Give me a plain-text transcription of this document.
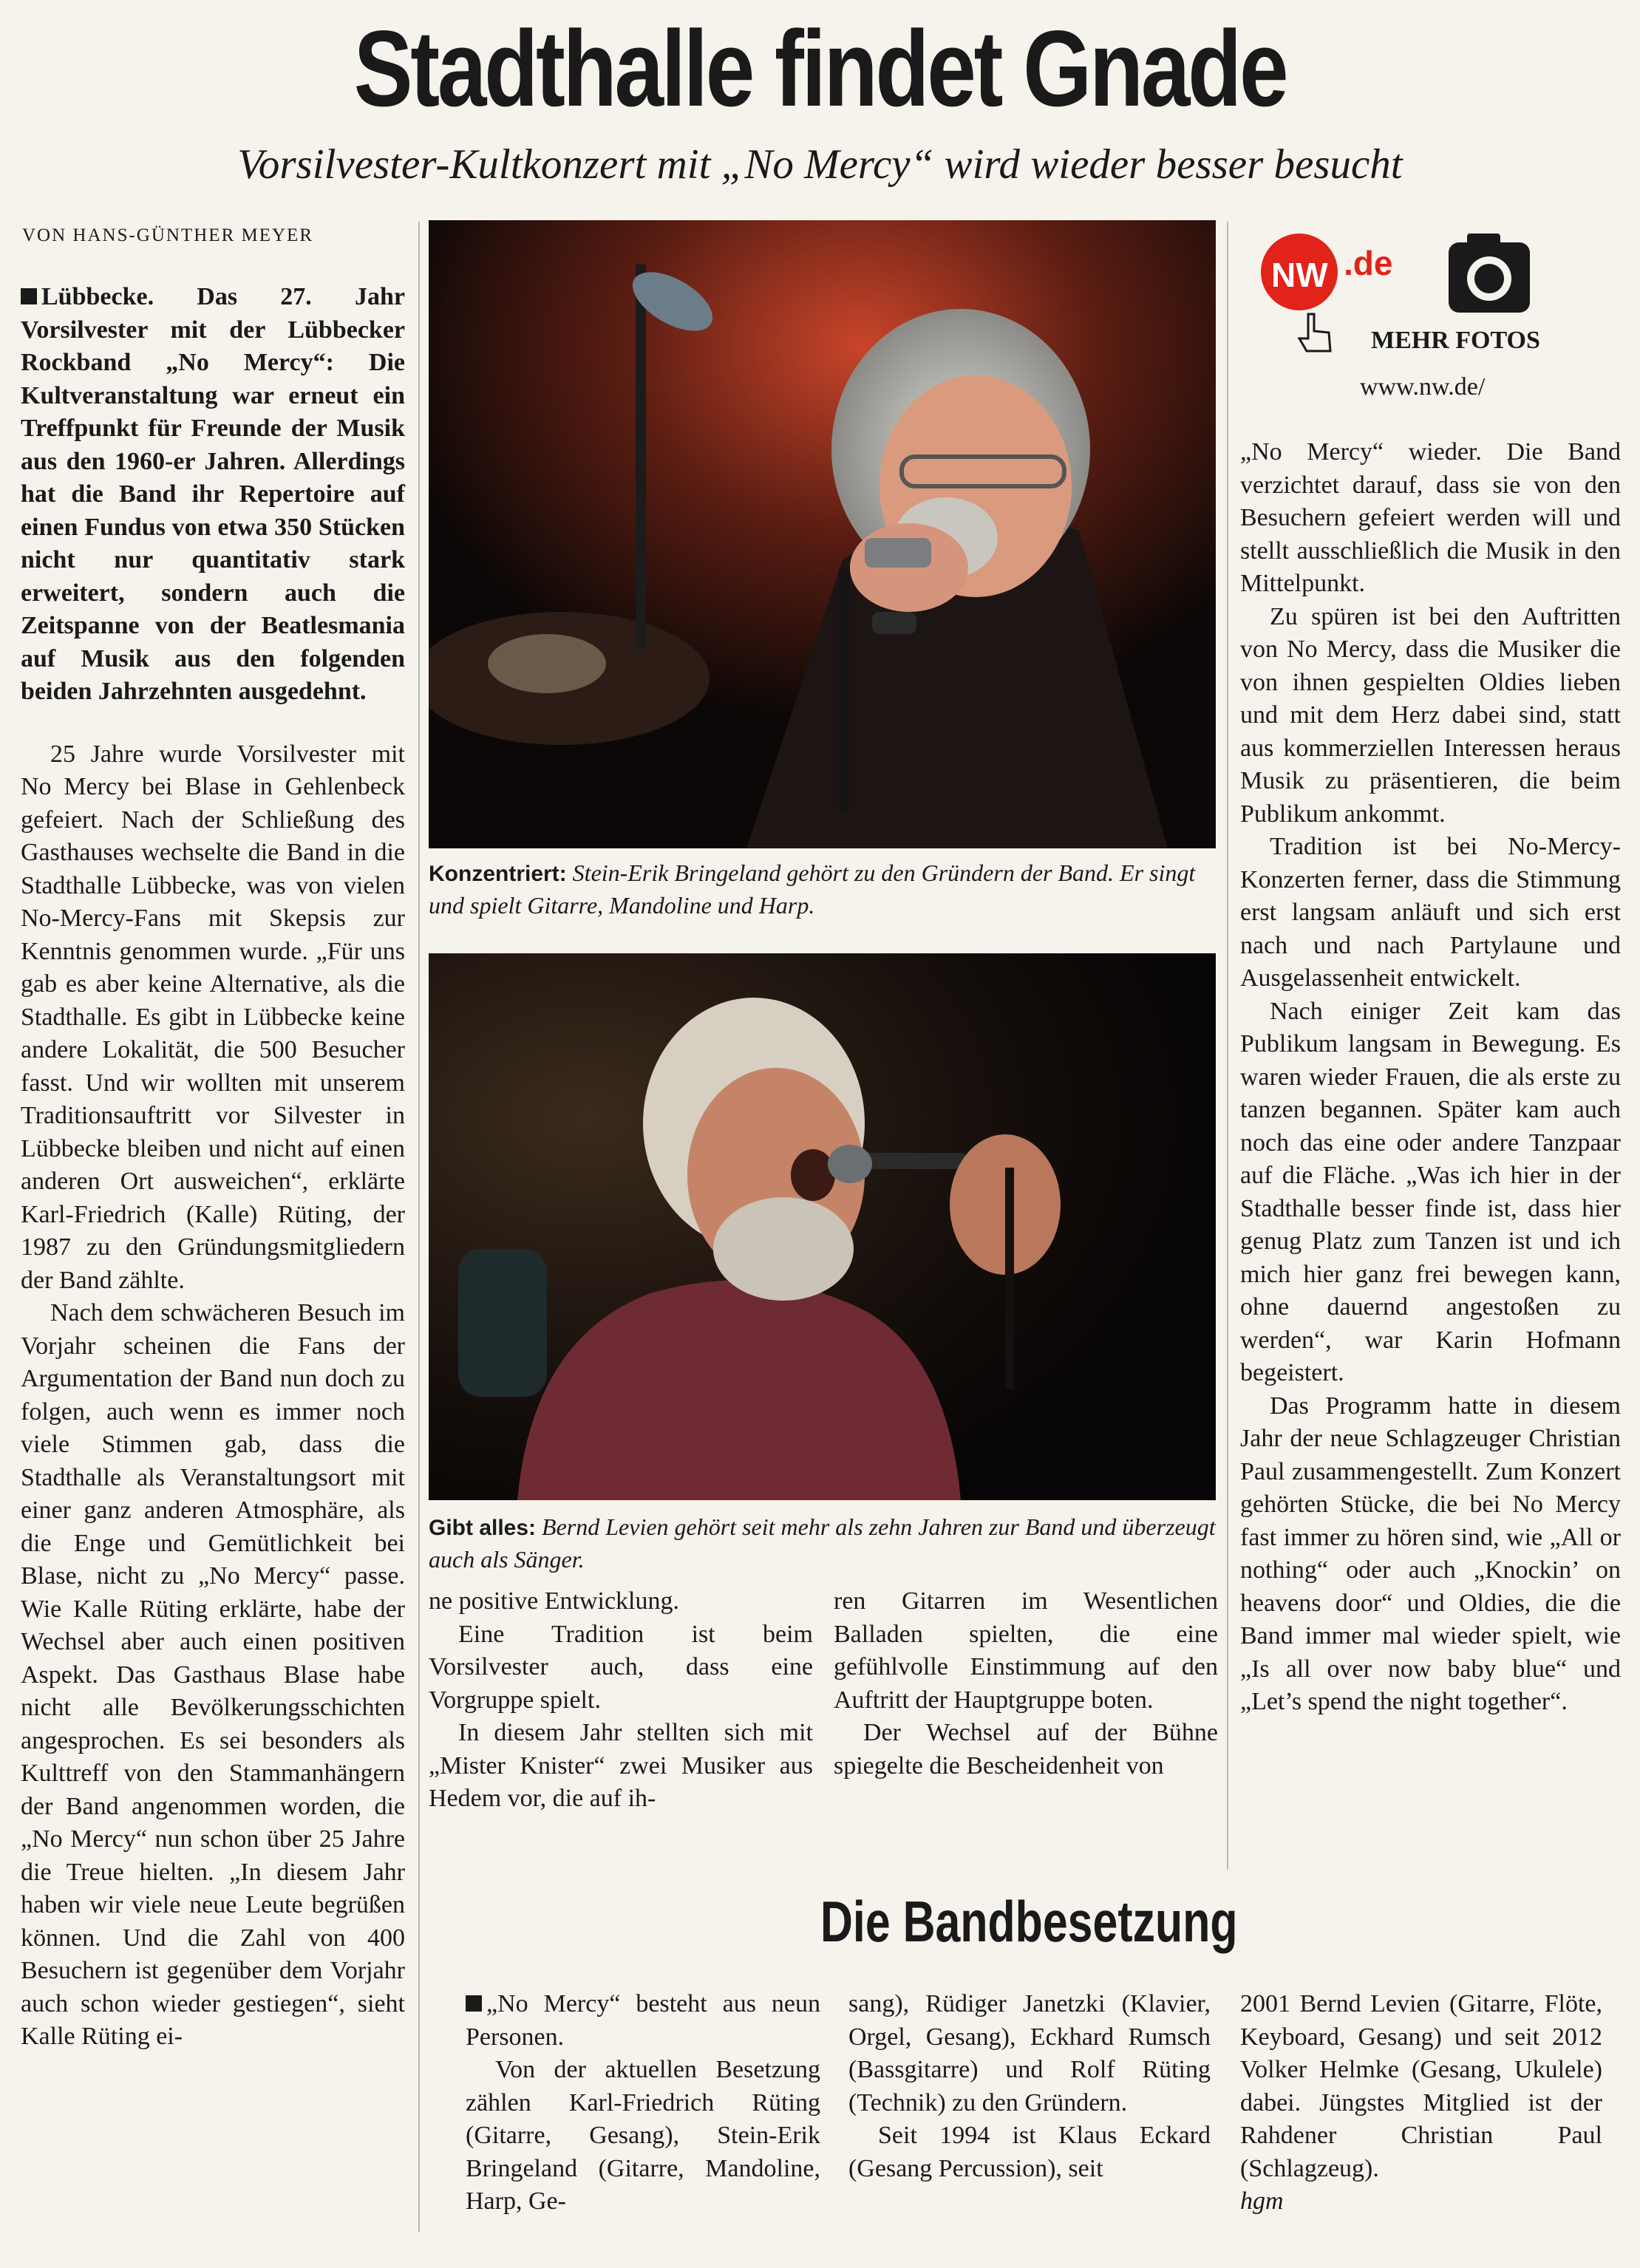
Stadthalle findet Gnade
Vorsilvester-Kultkonzert mit „No Mercy“ wird wieder besser besucht
VON HANS-GÜNTHER MEYER

Lübbecke. Das 27. Jahr Vorsilvester mit der Lübbecker Rockband „No Mercy“: Die Kultveranstaltung war erneut ein Treffpunkt für Freunde der Musik aus den 1960-er Jahren. Allerdings hat die Band ihr Repertoire auf einen Fundus von etwa 350 Stücken nicht nur quantitativ stark erweitert, sondern auch die Zeitspanne von der Beatlesmania auf Musik aus den folgenden beiden Jahrzehnten ausgedehnt.

25 Jahre wurde Vorsilvester mit No Mercy bei Blase in Gehlenbeck gefeiert. Nach der Schließung des Gasthauses wechselte die Band in die Stadthalle Lübbecke, was von vielen No-Mercy-Fans mit Skepsis zur Kenntnis genommen wurde. „Für uns gab es aber keine Alternative, als die Stadthalle. Es gibt in Lübbecke keine andere Lokalität, die 500 Besucher fasst. Und wir wollten mit unserem Traditionsauftritt vor Silvester in Lübbecke bleiben und nicht auf einen anderen Ort ausweichen“, erklärte Karl-Friedrich (Kalle) Rüting, der 1987 zu den Gründungsmitgliedern der Band zählte.

Nach dem schwächeren Besuch im Vorjahr scheinen die Fans der Argumentation der Band nun doch zu folgen, auch wenn es immer noch viele Stimmen gab, dass die Stadthalle als Veranstaltungsort mit einer ganz anderen Atmosphäre, als die Enge und Gemütlichkeit bei Blase, nicht zu „No Mercy“ passe. Wie Kalle Rüting erklärte, habe der Wechsel aber auch einen positiven Aspekt. Das Gasthaus Blase habe nicht alle Bevölkerungsschichten angesprochen. Es sei besonders als Kulttreff von den Stammanhängern der Band angenommen worden, die „No Mercy“ nun schon über 25 Jahre die Treue hielten. „In diesem Jahr haben wir viele neue Leute begrüßen können. Und die Zahl von 400 Besuchern ist gegenüber dem Vorjahr auch schon wieder gestiegen“, sieht Kalle Rüting ei-

Konzentriert: Stein-Erik Bringeland gehört zu den Gründern der Band. Er singt und spielt Gitarre, Mandoline und Harp.
Gibt alles: Bernd Levien gehört seit mehr als zehn Jahren zur Band und überzeugt auch als Sänger.

ne positive Entwicklung.

Eine Tradition ist beim Vorsilvester auch, dass eine Vorgruppe spielt.

In diesem Jahr stellten sich mit „Mister Knister“ zwei Musiker aus Hedem vor, die auf ih-

ren Gitarren im Wesentlichen Balladen spielten, die eine gefühlvolle Einstimmung auf den Auftritt der Hauptgruppe boten.

Der Wechsel auf der Bühne spiegelte die Bescheidenheit von

NW .de
MEHR FOTOS
www.nw.de/

„No Mercy“ wieder. Die Band verzichtet darauf, dass sie von den Besuchern gefeiert werden will und stellt ausschließlich die Musik in den Mittelpunkt.

Zu spüren ist bei den Auftritten von No Mercy, dass die Musiker die von ihnen gespielten Oldies lieben und mit dem Herz dabei sind, statt aus kommerziellen Interessen heraus Musik zu präsentieren, die beim Publikum ankommt.

Tradition ist bei No-Mercy-Konzerten ferner, dass die Stimmung erst langsam anläuft und sich erst nach und nach Partylaune und Ausgelassenheit entwickelt.

Nach einiger Zeit kam das Publikum langsam in Bewegung. Es waren wieder Frauen, die als erste zu tanzen begannen. Später kam auch noch das eine oder andere Tanzpaar auf die Fläche. „Was ich hier in der Stadthalle besser finde ist, dass hier genug Platz zum Tanzen ist und ich mich hier ganz frei bewegen kann, ohne dauernd angestoßen zu werden“, war Karin Hofmann begeistert.

Das Programm hatte in diesem Jahr der neue Schlagzeuger Christian Paul zusammengestellt. Zum Konzert gehörten Stücke, die bei No Mercy fast immer zu hören sind, wie „All or nothing“ oder auch „Knockin’ on heavens door“ und Oldies, die die Band immer mal wieder spielt, wie „Is all over now baby blue“ und „Let’s spend the night together“.

Die Bandbesetzung

„No Mercy“ besteht aus neun Personen.

Von der aktuellen Besetzung zählen Karl-Friedrich Rüting (Gitarre, Gesang), Stein-Erik Bringeland (Gitarre, Mandoline, Harp, Ge-

sang), Rüdiger Janetzki (Klavier, Orgel, Gesang), Eckhard Rumsch (Bassgitarre) und Rolf Rüting (Technik) zu den Gründern.

Seit 1994 ist Klaus Eckard (Gesang Percussion), seit

2001 Bernd Levien (Gitarre, Flöte, Keyboard, Gesang) und seit 2012 Volker Helmke (Gesang, Ukulele) dabei. Jüngstes Mitglied ist der Rahdener Christian Paul (Schlagzeug).

hgm
